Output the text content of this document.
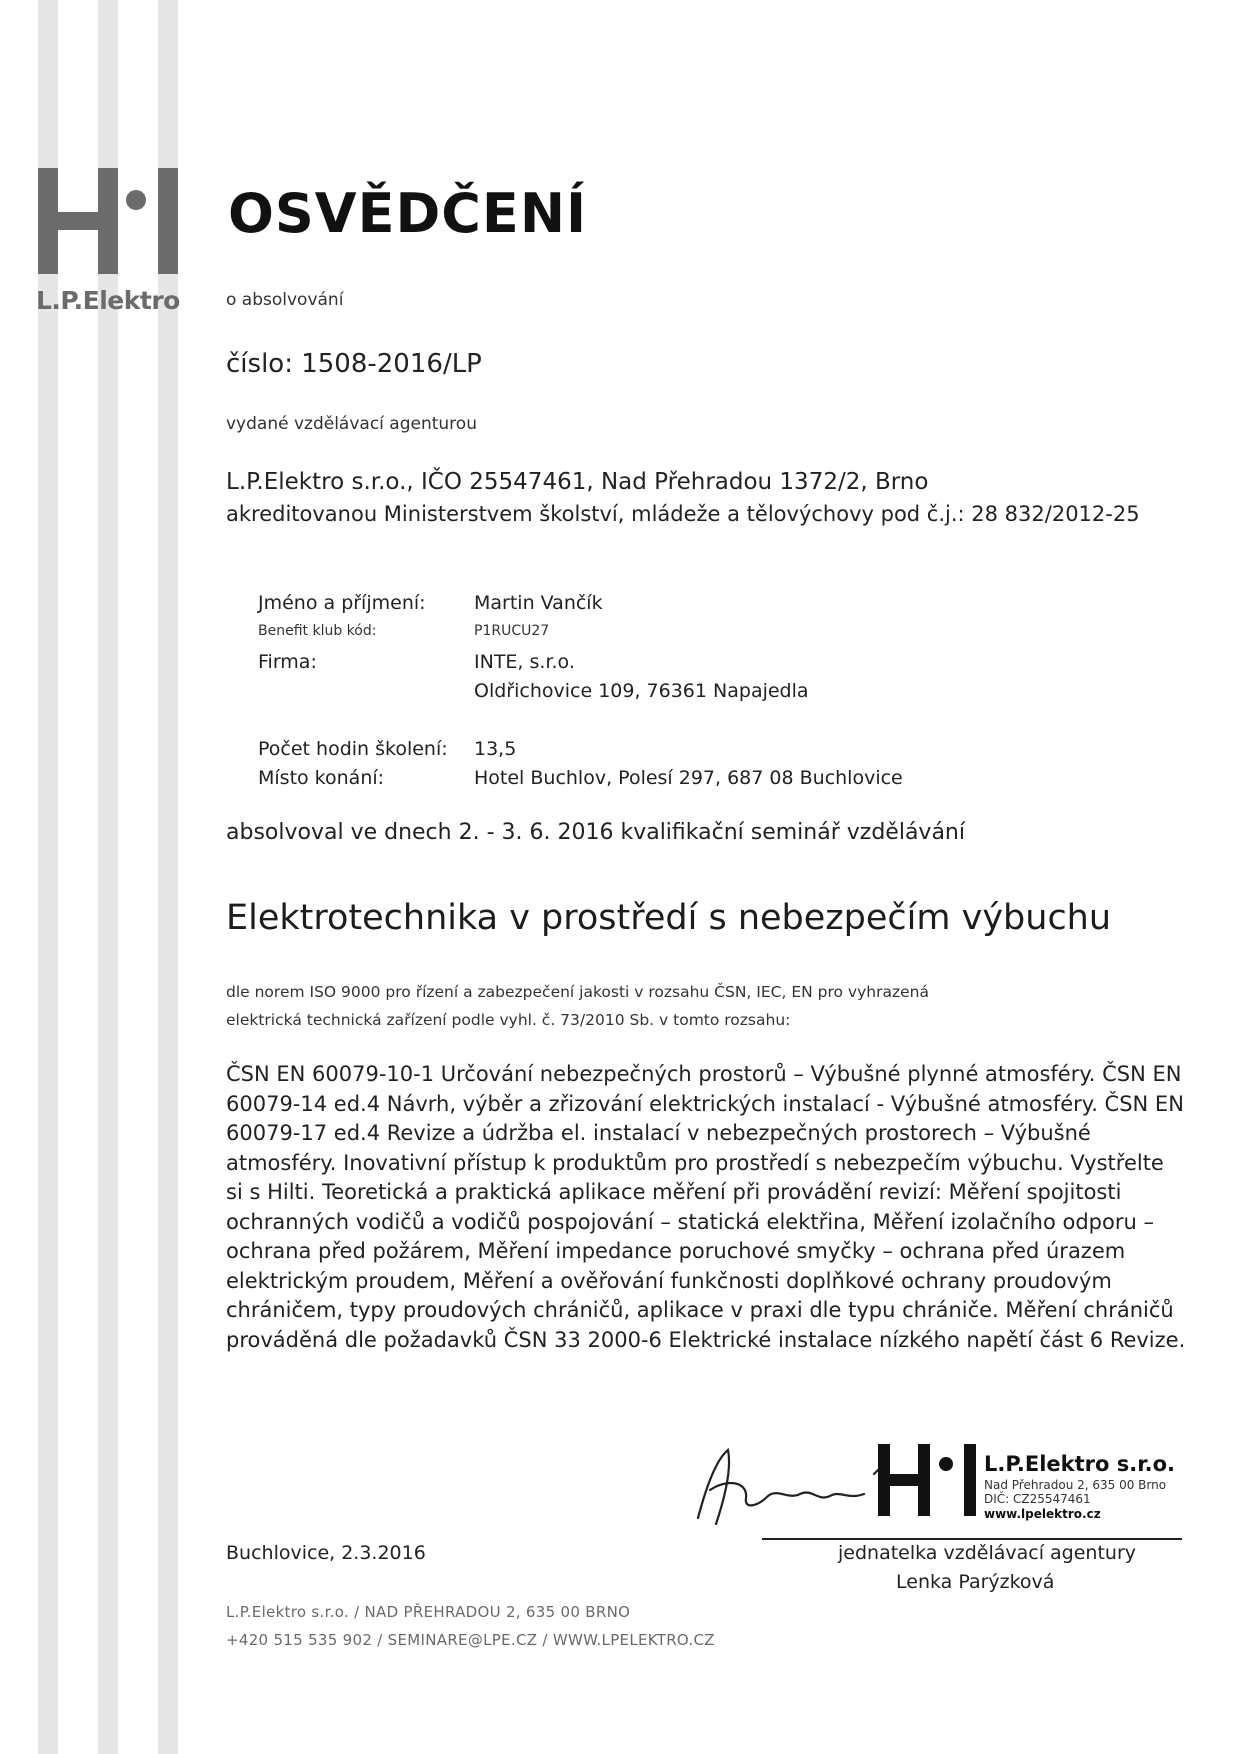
L.P.Elektro
OSVĚDČENÍ
o absolvování
číslo: 1508-2016/LP
vydané vzdělávací agenturou
L.P.Elektro s.r.o., IČO 25547461, Nad Přehradou 1372/2, Brno
akreditovanou Ministerstvem školství, mládeže a tělovýchovy pod č.j.: 28 832/2012-25
Jméno a příjmení:	Martin Vančík
Benefit klub kód:	P1RUCU27
Firma:	INTE, s.r.o.
Oldřichovice 109, 76361 Napajedla
Počet hodin školení: 13,5
Místo konání:	Hotel Buchlov, Polesí 297, 687 08 Buchlovice
absolvoval ve dnech 2. - 3. 6. 2016 kvalifikační seminář vzdělávání
Elektrotechnika v prostředí s nebezpečím výbuchu
dle norem ISO 9000 pro řízení a zabezpečení jakosti v rozsahu ČSN, IEC, EN pro vyhrazená
elektrická technická zařízení podle vyhl. č. 73/2010 Sb. v tomto rozsahu:
ČSN EN 60079-10-1 Určování nebezpečných prostorů – Výbušné plynné atmosféry. ČSN EN 60079-14 ed.4 Návrh, výběr a zřizování elektrických instalací - Výbušné atmosféry. ČSN EN 60079-17 ed.4 Revize a údržba el. instalací v nebezpečných prostorech – Výbušné atmosféry. Inovativní přístup k produktům pro prostředí s nebezpečím výbuchu. Vystřelte si s Hilti. Teoretická a praktická aplikace měření při provádění revizí: Měření spojitosti ochranných vodičů a vodičů pospojování – statická elektřina, Měření izolačního odporu – ochrana před požárem, Měření impedance poruchové smyčky – ochrana před úrazem elektrickým proudem, Měření a ověřování funkčnosti doplňkové ochrany proudovým chráničem, typy proudových chráničů, aplikace v praxi dle typu chrániče. Měření chráničů prováděná dle požadavků ČSN 33 2000-6 Elektrické instalace nízkého napětí část 6 Revize.
L.P.Elektro s.r.o.
Nad Přehradou 2, 635 00 Brno
DIČ: CZ25547461
www.lpelektro.cz
Buchlovice, 2.3.2016	jednatelka vzdělávací agentury
Lenka Parýzková
L.P.Elektro s.r.o. / NAD PŘEHRADOU 2, 635 00 BRNO
+420 515 535 902 / SEMINARE@LPE.CZ / WWW.LPELEKTRO.CZ
